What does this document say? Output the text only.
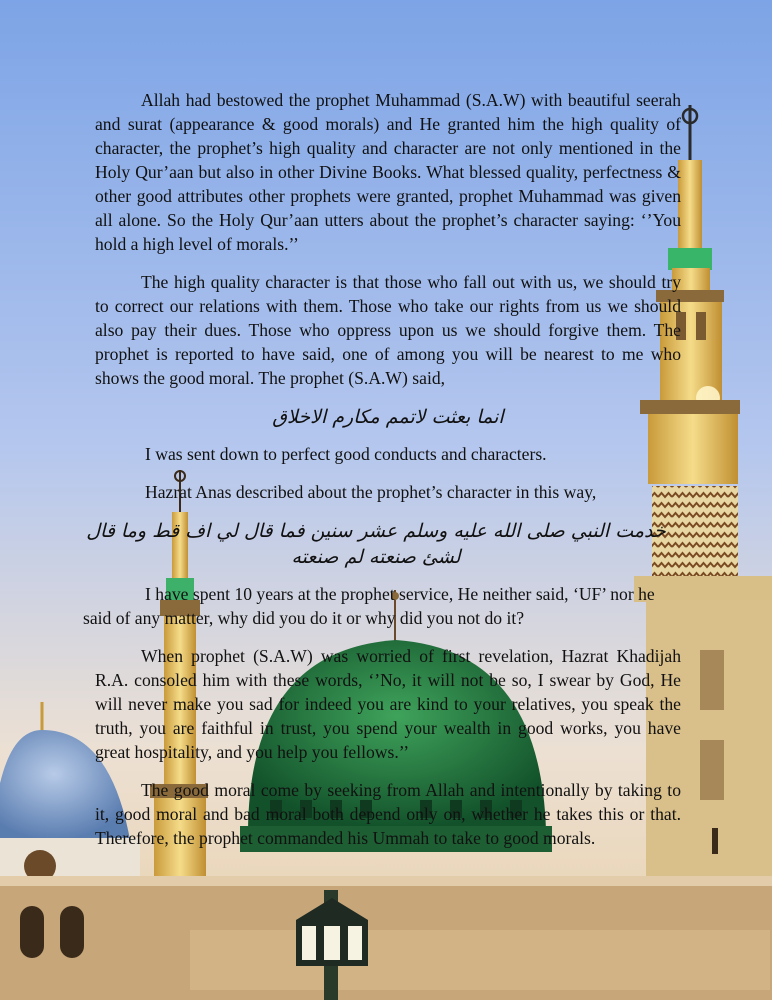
Allah had bestowed the prophet Muhammad (S.A.W) with beautiful seerah and surat (appearance & good morals) and He granted him the high quality of character, the prophet’s high quality and character are not only mentioned in the Holy Qur’aan but also in other Divine Books. What blessed quality, perfectness & other good attributes other prophets were granted, prophet Muhammad was given all alone. So the Holy Qur’aan utters about the prophet’s character saying: ‘’You hold a high level of morals.’’

The high quality character is that those who fall out with us, we should try to correct our relations with them. Those who take our rights from us we should also pay their dues. Those who oppress upon us we should forgive them. The prophet is reported to have said, one of among you will be nearest to me who shows the good moral. The prophet (S.A.W) said,

انما بعثت لاتمم مكارم الاخلاق

I was sent down to perfect good conducts and characters.

Hazrat Anas described about the prophet’s character in this way,

خدمت النبي صلى الله عليه وسلم عشر سنين فما قال لي اف قط وما قال لشئ صنعته لم صنعته

I have spent 10 years at the prophet service, He neither said, ‘UF’ nor he said of any matter, why did you do it or why did you not do it?

When prophet (S.A.W) was worried of first revelation, Hazrat Khadijah R.A. consoled him with these words, ‘’No, it will not be so, I swear by God, He will never make you sad for indeed you are kind to your relatives, you speak the truth, you are faithful in trust, you spend your wealth in good works, you have great hospitality, and you help you fellows.’’

The good moral come by seeking from Allah and intentionally by taking to it, good moral and bad moral both depend only on, whether he takes this or that. Therefore, the prophet commanded his Ummah to take to good morals.
